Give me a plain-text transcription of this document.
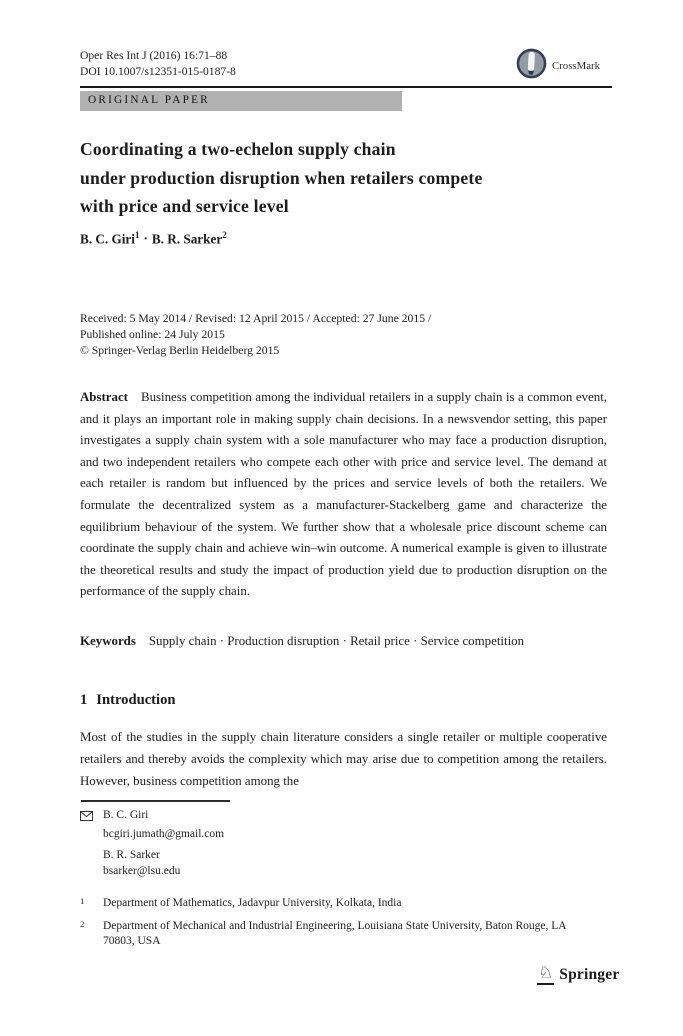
Oper Res Int J (2016) 16:71–88
DOI 10.1007/s12351-015-0187-8	CrossMark
ORIGINAL PAPER
Coordinating a two-echelon supply chain
under production disruption when retailers compete
with price and service level
B. C. Giri$^1$ · B. R. Sarker$^2$
Received: 5 May 2014 / Revised: 12 April 2015 / Accepted: 27 June 2015 /
Published online: 24 July 2015
© Springer-Verlag Berlin Heidelberg 2015
Abstract Business competition among the individual retailers in a supply chain is a common event, and it plays an important role in making supply chain decisions. In a newsvendor setting, this paper investigates a supply chain system with a sole manufacturer who may face a production disruption, and two independent retailers who compete each other with price and service level. The demand at each retailer is random but influenced by the prices and service levels of both the retailers. We formulate the decentralized system as a manufacturer-Stackelberg game and characterize the equilibrium behaviour of the system. We further show that a wholesale price discount scheme can coordinate the supply chain and achieve win–win outcome. A numerical example is given to illustrate the theoretical results and study the impact of production yield due to production disruption on the performance of the supply chain.
Keywords Supply chain · Production disruption · Retail price · Service competition
1 Introduction
Most of the studies in the supply chain literature considers a single retailer or multiple cooperative retailers and thereby avoids the complexity which may arise due to competition among the retailers. However, business competition among the
B. C. Giri
bcgiri.jumath@gmail.com
B. R. Sarker
bsarker@lsu.edu
1	Department of Mathematics, Jadavpur University, Kolkata, India
2	Department of Mechanical and Industrial Engineering, Louisiana State University, Baton Rouge, LA 70803, USA
♘ Springer
